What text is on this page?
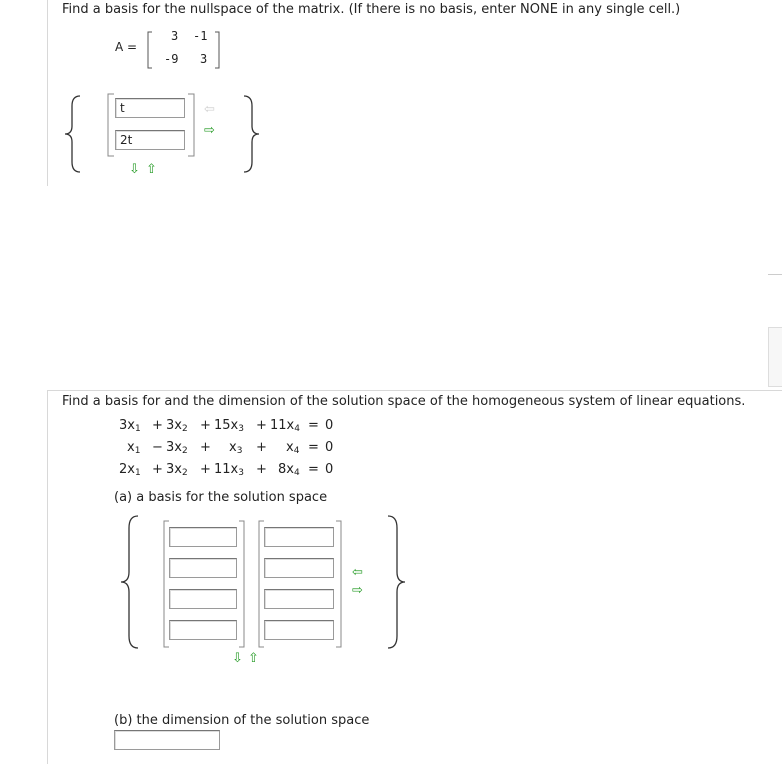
Find a basis for the nullspace of the matrix. (If there is no basis, enter NONE in any single cell.)
A =
3 -1
-9 3
t
2t
⇦
⇨
⇩ ⇧
Find a basis for and the dimension of the solution space of the homogeneous system of linear equations.
$3x_1 + 3x_2 + 15x_3 + 11x_4 = 0$
$x_1 - 3x_2 + x_3 + x_4 = 0$
$2x_1 + 3x_2 + 11x_3 + 8x_4 = 0$
(a) a basis for the solution space
⇦
⇨
⇩ ⇧
(b) the dimension of the solution space
